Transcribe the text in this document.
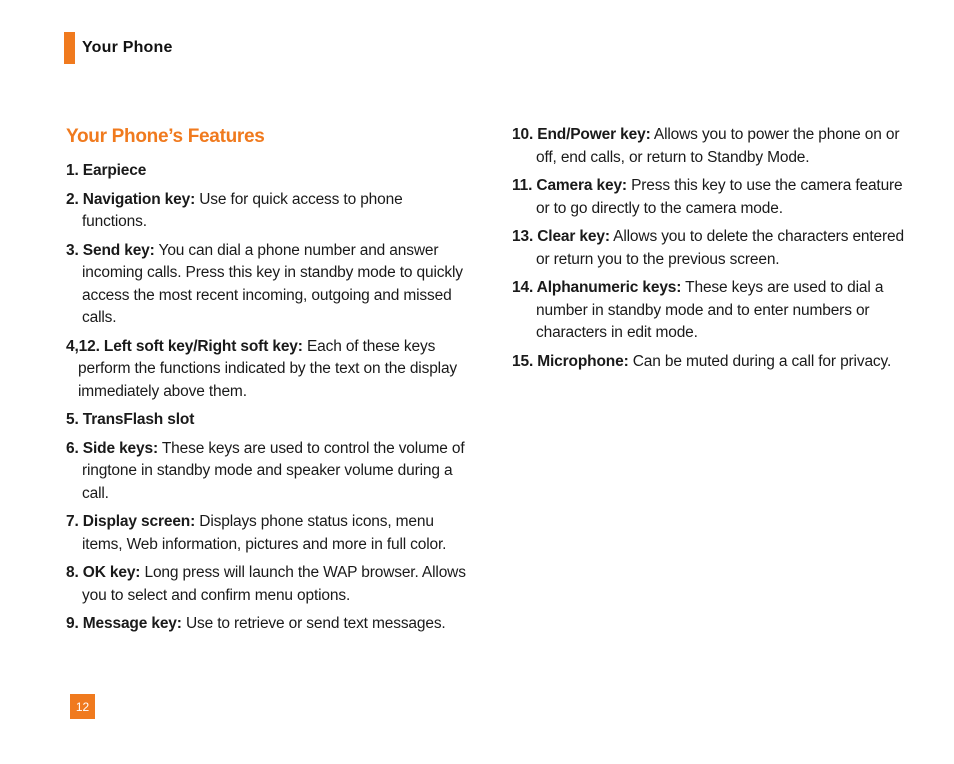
Your Phone
Your Phone’s Features

1. Earpiece

2. Navigation key: Use for quick access to phone functions.

3. Send key: You can dial a phone number and answer incoming calls. Press this key in standby mode to quickly access the most recent incoming, outgoing and missed calls.

4,12. Left soft key/Right soft key: Each of these keys perform the functions indicated by the text on the display immediately above them.

5. TransFlash slot

6. Side keys: These keys are used to control the volume of ringtone in standby mode and speaker volume during a call.

7. Display screen: Displays phone status icons, menu items, Web information, pictures and more in full color.

8. OK key: Long press will launch the WAP browser. Allows you to select and confirm menu options.

9. Message key: Use to retrieve or send text messages.

10. End/Power key: Allows you to power the phone on or off, end calls, or return to Standby Mode.

11. Camera key: Press this key to use the camera feature or to go directly to the camera mode.

13. Clear key: Allows you to delete the characters entered or return you to the previous screen.

14. Alphanumeric keys: These keys are used to dial a number in standby mode and to enter numbers or characters in edit mode.

15. Microphone: Can be muted during a call for privacy.

12
